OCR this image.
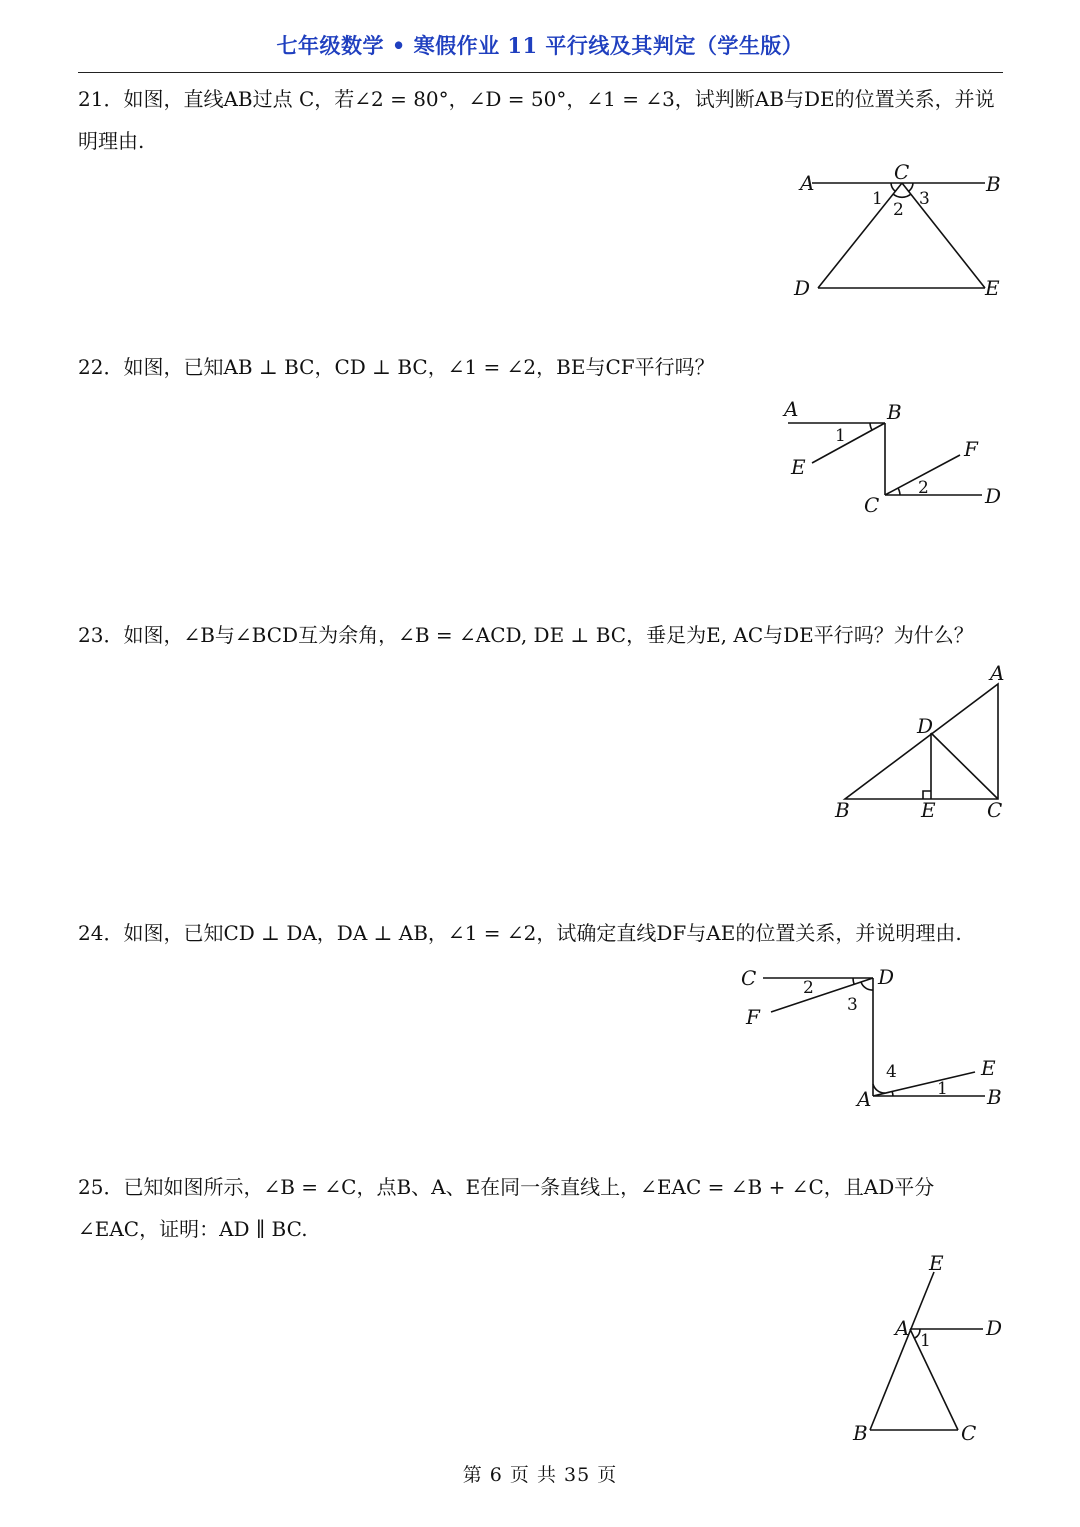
七年级数学 • 寒假作业 11 平行线及其判定（学生版）
21．如图，直线AB过点 C，若∠2 = 80°，∠D = 50°，∠1 = ∠3，试判断AB与DE的位置关系，并说明理由.
A	B
C
D	E
1
2
3
22．如图，已知AB ⊥ BC，CD ⊥ BC，∠1 = ∠2，BE与CF平行吗？
A	B
C	D
E
F
1
2
23．如图，∠B与∠BCD互为余角，∠B = ∠ACD, DE ⊥ BC，垂足为E, AC与DE平行吗？为什么？
A
B	C
D
E
24．如图，已知CD ⊥ DA，DA ⊥ AB，∠1 = ∠2，试确定直线DF与AE的位置关系，并说明理由.
C	D
F
A	B
E
2
3
4
1
25．已知如图所示，∠B = ∠C，点B、A、E在同一条直线上，∠EAC = ∠B + ∠C，且AD平分∠EAC，证明：AD ∥ BC.
E
A	D
B	C
1
第 6 页 共 35 页
